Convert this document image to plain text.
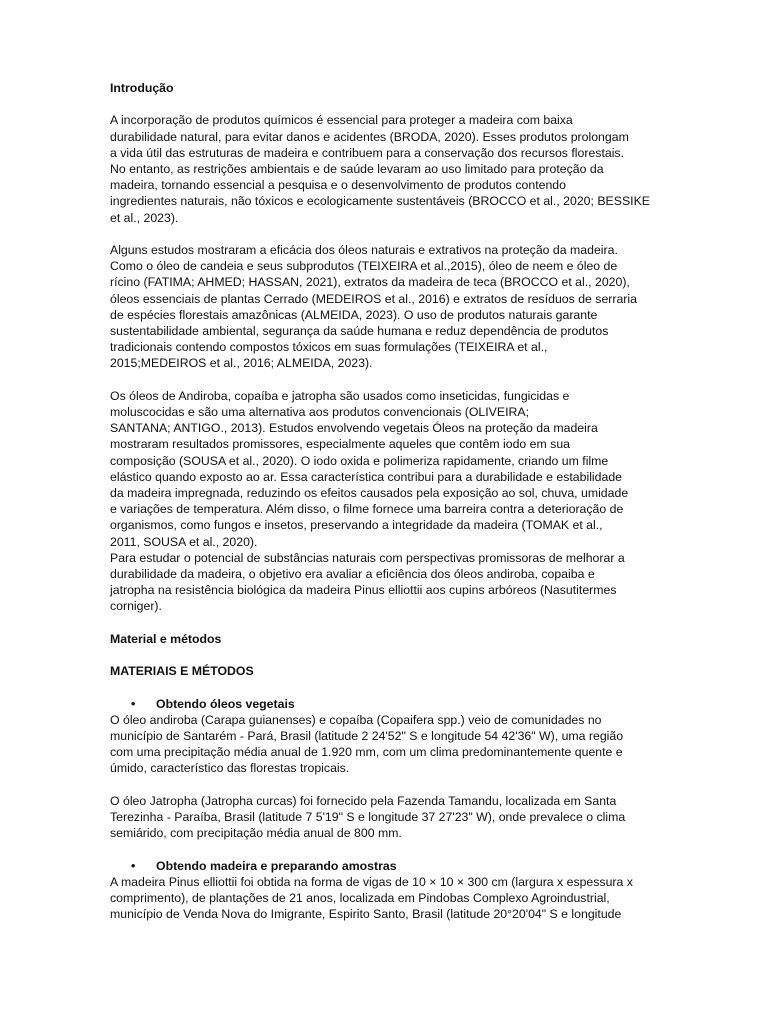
Introdução

A incorporação de produtos químicos é essencial para proteger a madeira com baixa
durabilidade natural, para evitar danos e acidentes (BRODA, 2020). Esses produtos prolongam
a vida útil das estruturas de madeira e contribuem para a conservação dos recursos florestais.
No entanto, as restrições ambientais e de saúde levaram ao uso limitado para proteção da
madeira, tornando essencial a pesquisa e o desenvolvimento de produtos contendo
ingredientes naturais, não tóxicos e ecologicamente sustentáveis (BROCCO et al., 2020; BESSIKE
et al., 2023).

Alguns estudos mostraram a eficácia dos óleos naturais e extrativos na proteção da madeira.
Como o óleo de candeia e seus subprodutos (TEIXEIRA et al.,2015), óleo de neem e óleo de
rícino (FATIMA; AHMED; HASSAN, 2021), extratos da madeira de teca (BROCCO et al., 2020),
óleos essenciais de plantas Cerrado (MEDEIROS et al., 2016) e extratos de resíduos de serraria
de espécies florestais amazônicas (ALMEIDA, 2023). O uso de produtos naturais garante
sustentabilidade ambiental, segurança da saúde humana e reduz dependência de produtos
tradicionais contendo compostos tóxicos em suas formulações (TEIXEIRA et al.,
2015;MEDEIROS et al., 2016; ALMEIDA, 2023).

Os óleos de Andiroba, copaíba e jatropha são usados como inseticidas, fungicidas e
moluscocidas e são uma alternativa aos produtos convencionais (OLIVEIRA;
SANTANA; ANTIGO., 2013). Estudos envolvendo vegetais Óleos na proteção da madeira
mostraram resultados promissores, especialmente aqueles que contêm iodo em sua
composição (SOUSA et al., 2020). O iodo oxida e polimeriza rapidamente, criando um filme
elástico quando exposto ao ar. Essa característica contribui para a durabilidade e estabilidade
da madeira impregnada, reduzindo os efeitos causados pela exposição ao sol, chuva, umidade
e variações de temperatura. Além disso, o filme fornece uma barreira contra a deterioração de
organismos, como fungos e insetos, preservando a integridade da madeira (TOMAK et al.,
2011, SOUSA et al., 2020).

Para estudar o potencial de substâncias naturais com perspectivas promissoras de melhorar a
durabilidade da madeira, o objetivo era avaliar a eficiência dos óleos andiroba, copaiba e
jatropha na resistência biológica da madeira Pinus elliottii aos cupins arbóreos (Nasutitermes
corniger).

Material e métodos

MATERIAIS E MÉTODOS

• Obtendo óleos vegetais

O óleo andiroba (Carapa guianenses) e copaíba (Copaifera spp.) veio de comunidades no
município de Santarém - Pará, Brasil (latitude 2 24'52" S e longitude 54 42'36" W), uma região
com uma precipitação média anual de 1.920 mm, com um clima predominantemente quente e
úmido, característico das florestas tropicais.

O óleo Jatropha (Jatropha curcas) foi fornecido pela Fazenda Tamandu, localizada em Santa
Terezinha - Paraíba, Brasil (latitude 7 5'19" S e longitude 37 27'23" W), onde prevalece o clima
semiárido, com precipitação média anual de 800 mm.

• Obtendo madeira e preparando amostras

A madeira Pinus elliottii foi obtida na forma de vigas de 10 × 10 × 300 cm (largura x espessura x
comprimento), de plantações de 21 anos, localizada em Pindobas Complexo Agroindustrial,
município de Venda Nova do Imigrante, Espirito Santo, Brasil (latitude 20°20'04" S e longitude
